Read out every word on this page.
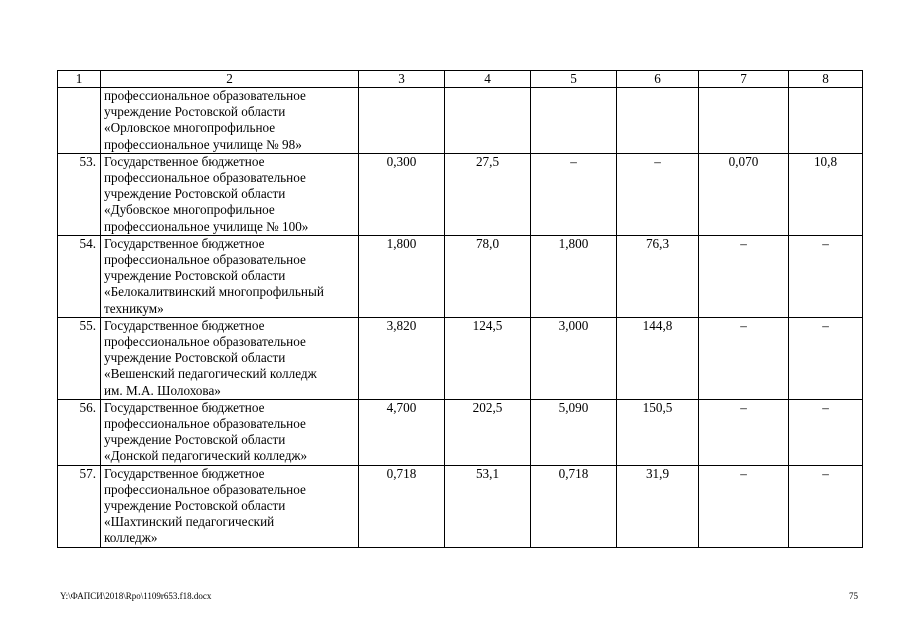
1	2	3	4	5	6	7	8

	профессиональное образовательное
учреждение Ростовской области
«Орловское многопрофильное
профессиональное училище № 98»						

53.	Государственное бюджетное
профессиональное образовательное
учреждение Ростовской области
«Дубовское многопрофильное
профессиональное училище № 100»	0,300	27,5	–	–	0,070	10,8
54.	Государственное бюджетное
профессиональное образовательное
учреждение Ростовской области
«Белокалитвинский многопрофильный
техникум»	1,800	78,0	1,800	76,3	–	–
55.	Государственное бюджетное
профессиональное образовательное
учреждение Ростовской области
«Вешенский педагогический колледж
им. М.А. Шолохова»	3,820	124,5	3,000	144,8	–	–
56.	Государственное бюджетное
профессиональное образовательное
учреждение Ростовской области
«Донской педагогический колледж»	4,700	202,5	5,090	150,5	–	–
57.	Государственное бюджетное
профессиональное образовательное
учреждение Ростовской области
«Шахтинский педагогический
колледж»	0,718	53,1	0,718	31,9	–	–
Y:\ФАПСИ\2018\Rpo\1109r653.f18.docx	75
